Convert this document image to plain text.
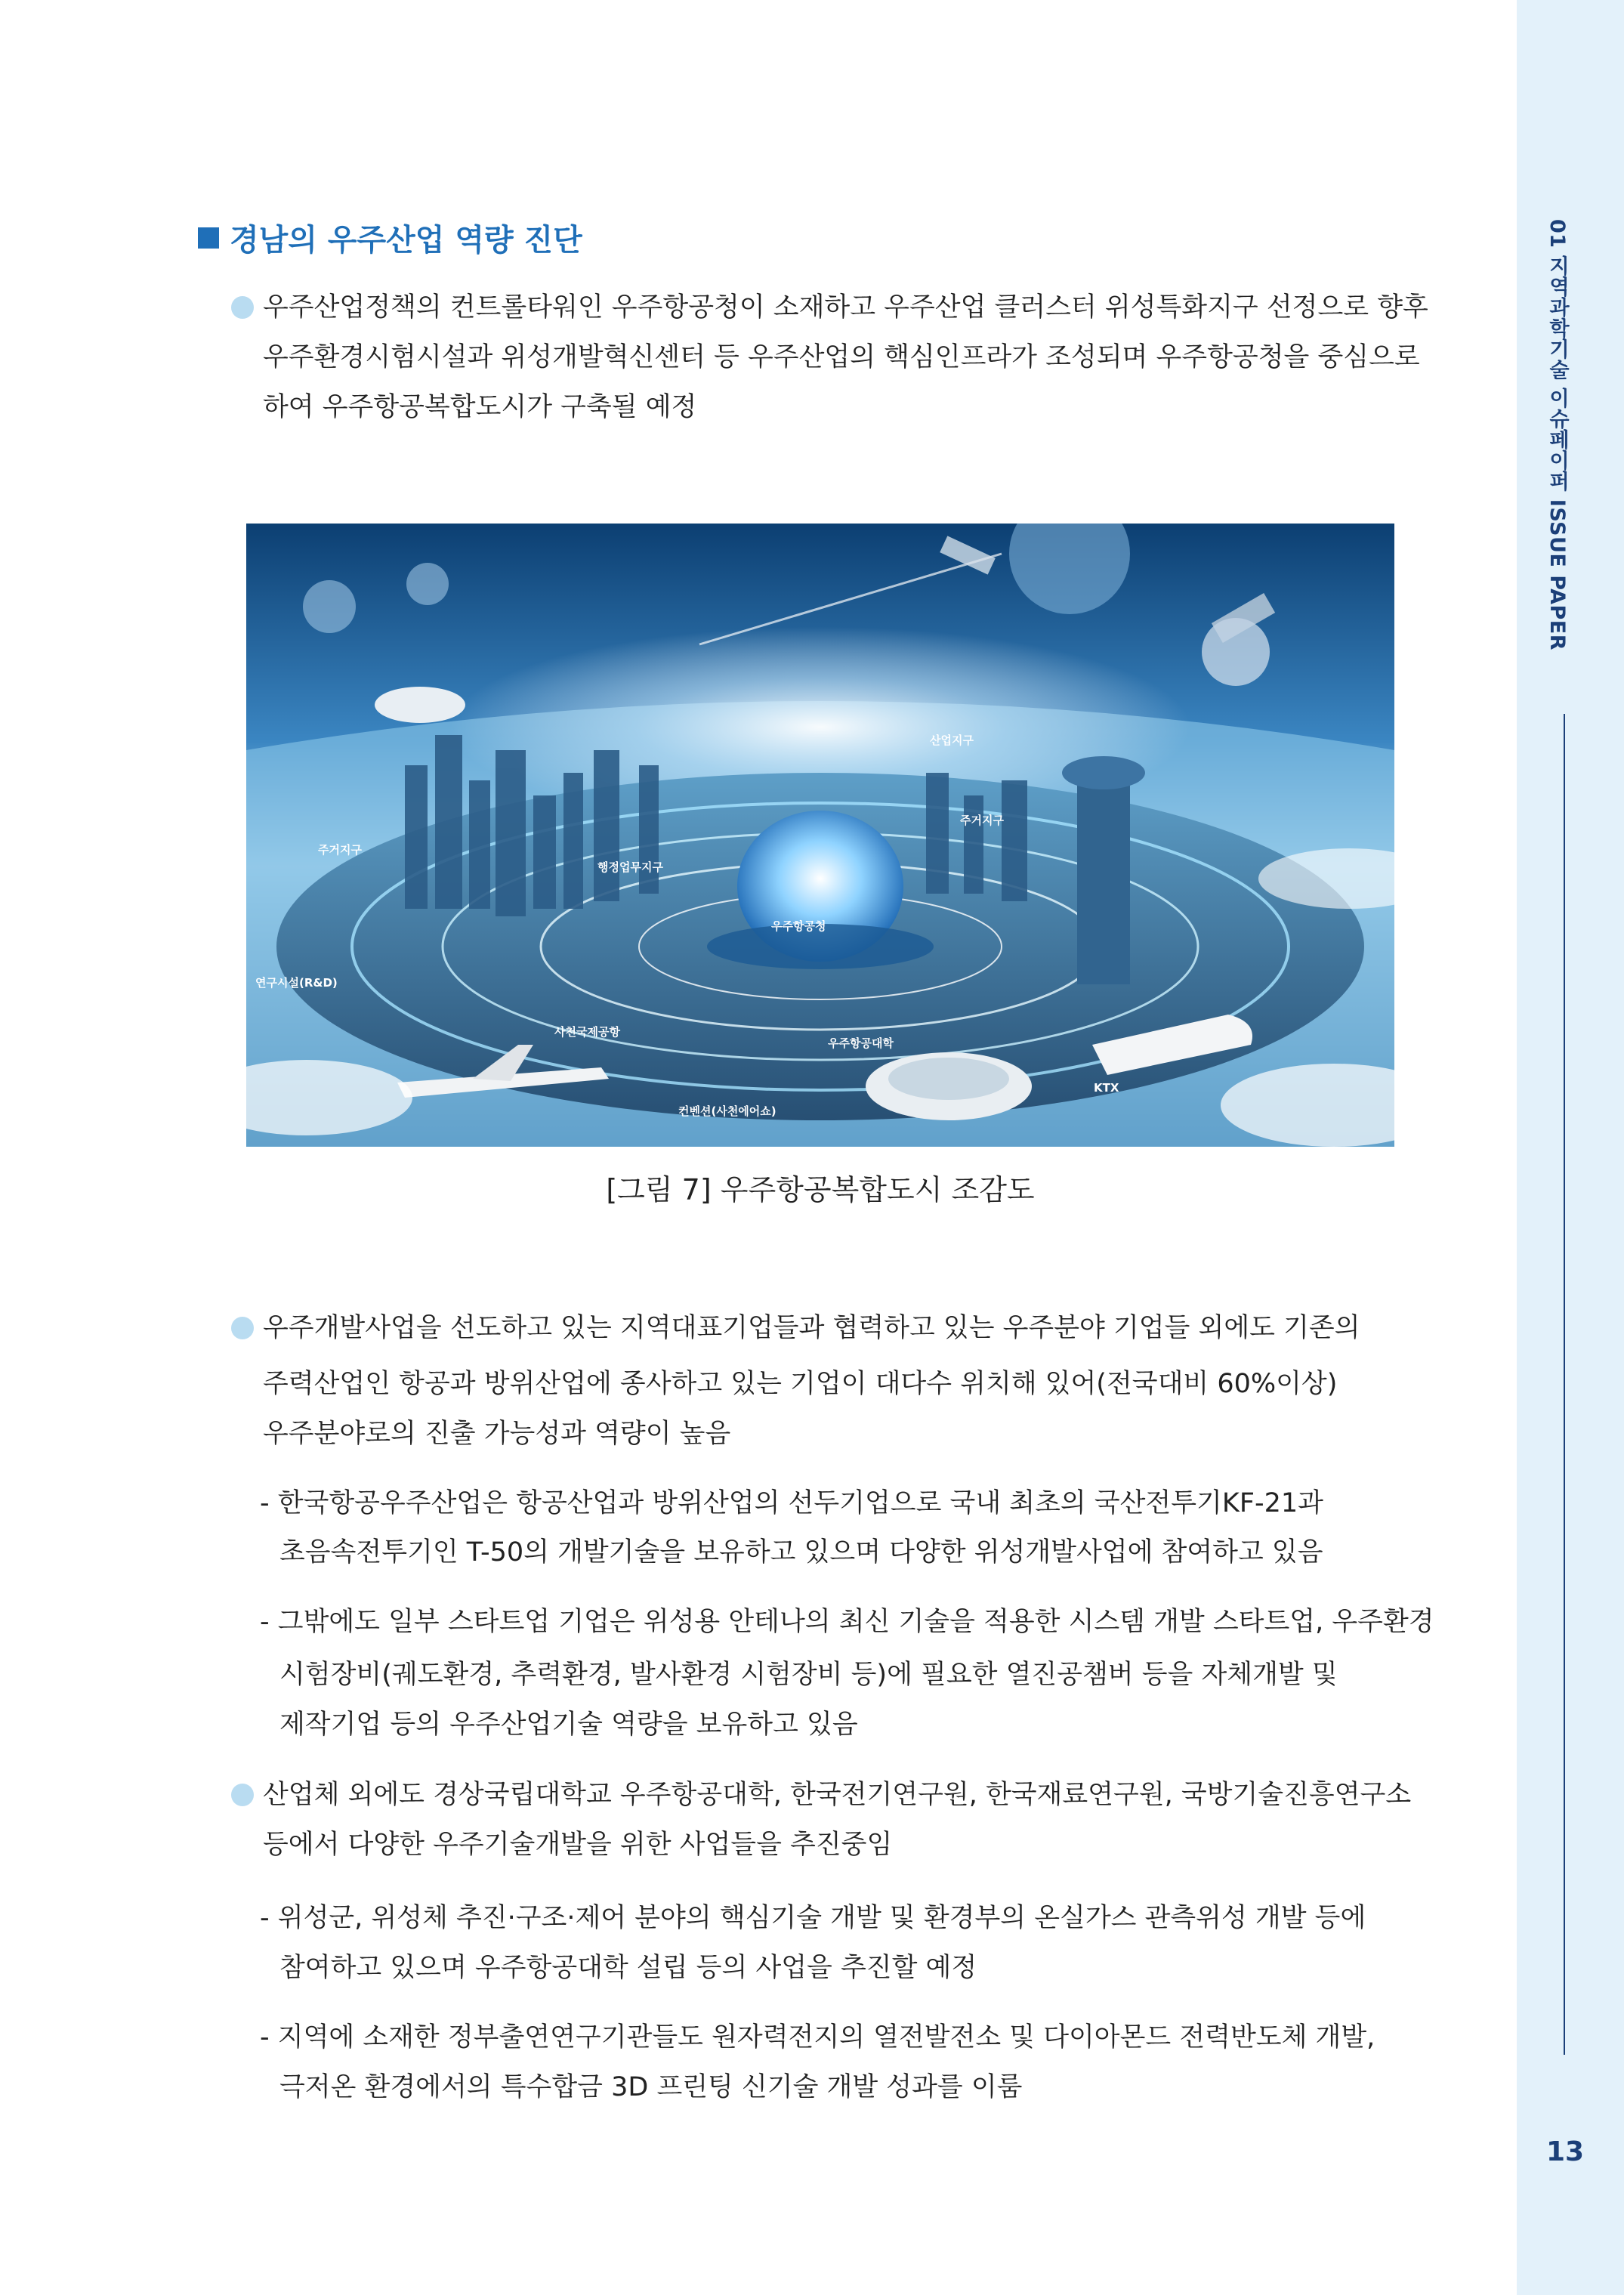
01 지역과학기술 이슈페이퍼 ISSUE PAPER
13
경남의 우주산업 역량 진단
우주산업정책의 컨트롤타워인 우주항공청이 소재하고 우주산업 클러스터 위성특화지구 선정으로 향후
우주환경시험시설과 위성개발혁신센터 등 우주산업의 핵심인프라가 조성되며 우주항공청을 중심으로
하여 우주항공복합도시가 구축될 예정
산업지구
주거지구
주거지구
행정업무지구
우주항공청
연구시설(R&D)
사천국제공항
우주항공대학
KTX
컨벤션(사천에어쇼)
[그림 7] 우주항공복합도시 조감도
우주개발사업을 선도하고 있는 지역대표기업들과 협력하고 있는 우주분야 기업들 외에도 기존의
주력산업인 항공과 방위산업에 종사하고 있는 기업이 대다수 위치해 있어(전국대비 60%이상)
우주분야로의 진출 가능성과 역량이 높음
- 한국항공우주산업은 항공산업과 방위산업의 선두기업으로 국내 최초의 국산전투기KF-21과
초음속전투기인 T-50의 개발기술을 보유하고 있으며 다양한 위성개발사업에 참여하고 있음
- 그밖에도 일부 스타트업 기업은 위성용 안테나의 최신 기술을 적용한 시스템 개발 스타트업, 우주환경
시험장비(궤도환경, 추력환경, 발사환경 시험장비 등)에 필요한 열진공챔버 등을 자체개발 및
제작기업 등의 우주산업기술 역량을 보유하고 있음
산업체 외에도 경상국립대학교 우주항공대학, 한국전기연구원, 한국재료연구원, 국방기술진흥연구소
등에서 다양한 우주기술개발을 위한 사업들을 추진중임
- 위성군, 위성체 추진·구조·제어 분야의 핵심기술 개발 및 환경부의 온실가스 관측위성 개발 등에
참여하고 있으며 우주항공대학 설립 등의 사업을 추진할 예정
- 지역에 소재한 정부출연연구기관들도 원자력전지의 열전발전소 및 다이아몬드 전력반도체 개발,
극저온 환경에서의 특수합금 3D 프린팅 신기술 개발 성과를 이룸
